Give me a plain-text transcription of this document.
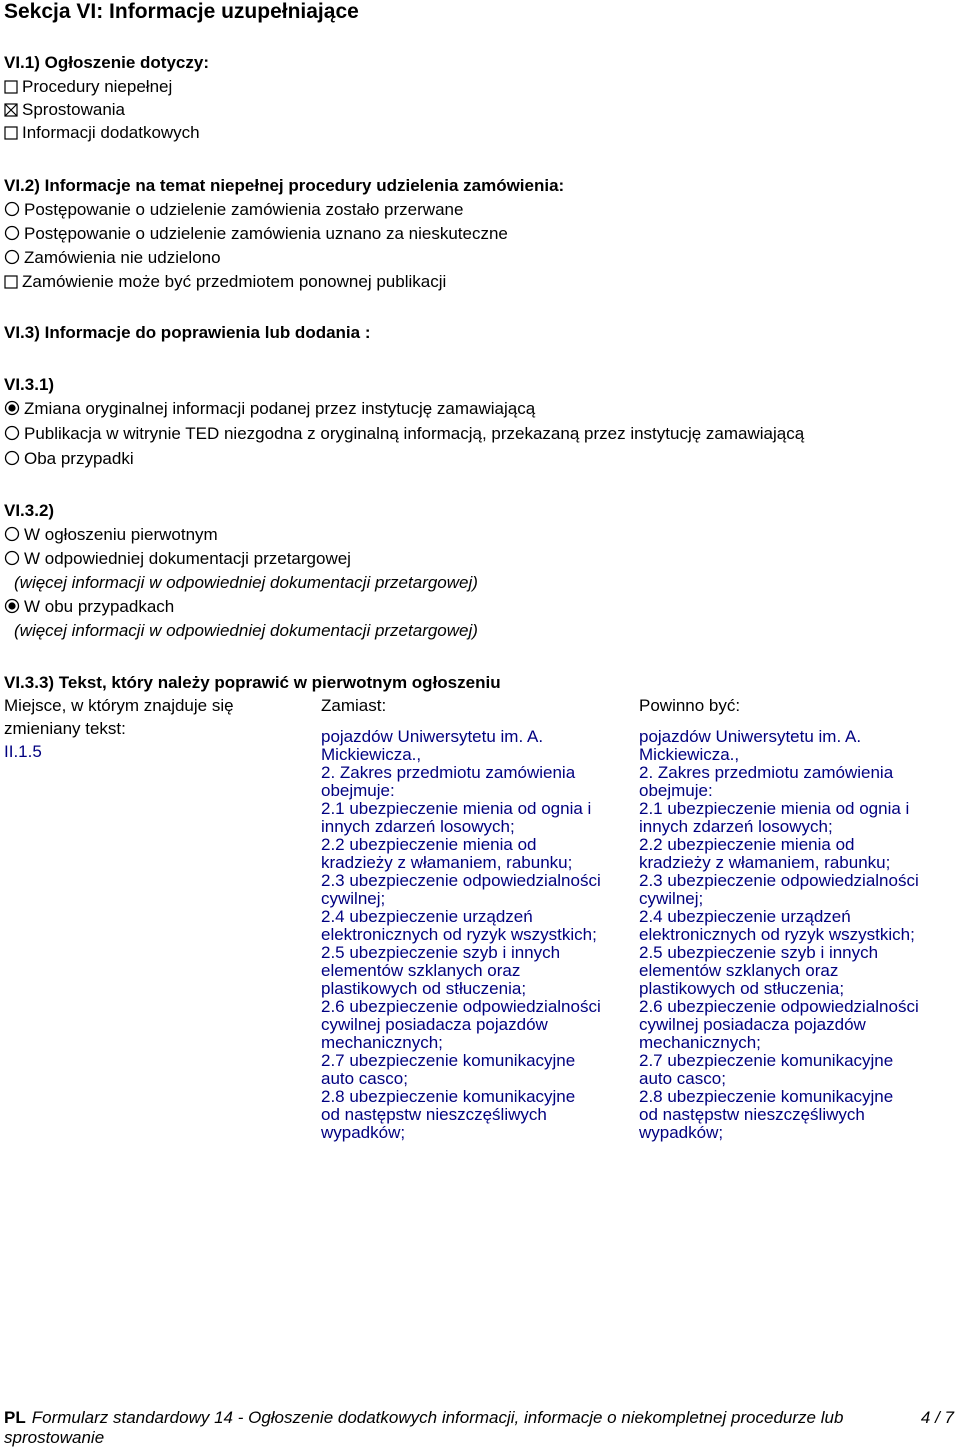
Sekcja VI: Informacje uzupełniające
VI.1) Ogłoszenie dotyczy:
Procedury niepełnej
Sprostowania
Informacji dodatkowych
VI.2) Informacje na temat niepełnej procedury udzielenia zamówienia:
Postępowanie o udzielenie zamówienia zostało przerwane
Postępowanie o udzielenie zamówienia uznano za nieskuteczne
Zamówienia nie udzielono
Zamówienie może być przedmiotem ponownej publikacji
VI.3) Informacje do poprawienia lub dodania :
VI.3.1)
Zmiana oryginalnej informacji podanej przez instytucję zamawiającą
Publikacja w witrynie TED niezgodna z oryginalną informacją, przekazaną przez instytucję zamawiającą
Oba przypadki
VI.3.2)
W ogłoszeniu pierwotnym
W odpowiedniej dokumentacji przetargowej
(więcej informacji w odpowiedniej dokumentacji przetargowej)
W obu przypadkach
(więcej informacji w odpowiedniej dokumentacji przetargowej)
VI.3.3) Tekst, który należy poprawić w pierwotnym ogłoszeniu
Miejsce, w którym znajduje się zmieniany tekst:
II.1.5
Zamiast:	Powinno być:
pojazdów Uniwersytetu im. A.
Mickiewicza.,
2. Zakres przedmiotu zamówienia
obejmuje:
2.1 ubezpieczenie mienia od ognia i
innych zdarzeń losowych;
2.2 ubezpieczenie mienia od
kradzieży z włamaniem, rabunku;
2.3 ubezpieczenie odpowiedzialności
cywilnej;
2.4 ubezpieczenie urządzeń
elektronicznych od ryzyk wszystkich;
2.5 ubezpieczenie szyb i innych
elementów szklanych oraz
plastikowych od stłuczenia;
2.6 ubezpieczenie odpowiedzialności
cywilnej posiadacza pojazdów
mechanicznych;
2.7 ubezpieczenie komunikacyjne
auto casco;
2.8 ubezpieczenie komunikacyjne
od następstw nieszczęśliwych
wypadków;
pojazdów Uniwersytetu im. A.
Mickiewicza.,
2. Zakres przedmiotu zamówienia
obejmuje:
2.1 ubezpieczenie mienia od ognia i
innych zdarzeń losowych;
2.2 ubezpieczenie mienia od
kradzieży z włamaniem, rabunku;
2.3 ubezpieczenie odpowiedzialności
cywilnej;
2.4 ubezpieczenie urządzeń
elektronicznych od ryzyk wszystkich;
2.5 ubezpieczenie szyb i innych
elementów szklanych oraz
plastikowych od stłuczenia;
2.6 ubezpieczenie odpowiedzialności
cywilnej posiadacza pojazdów
mechanicznych;
2.7 ubezpieczenie komunikacyjne
auto casco;
2.8 ubezpieczenie komunikacyjne
od następstw nieszczęśliwych
wypadków;
PL Formularz standardowy 14 - Ogłoszenie dodatkowych informacji, informacje o niekompletnej procedurze lub sprostowanie
4 / 7
